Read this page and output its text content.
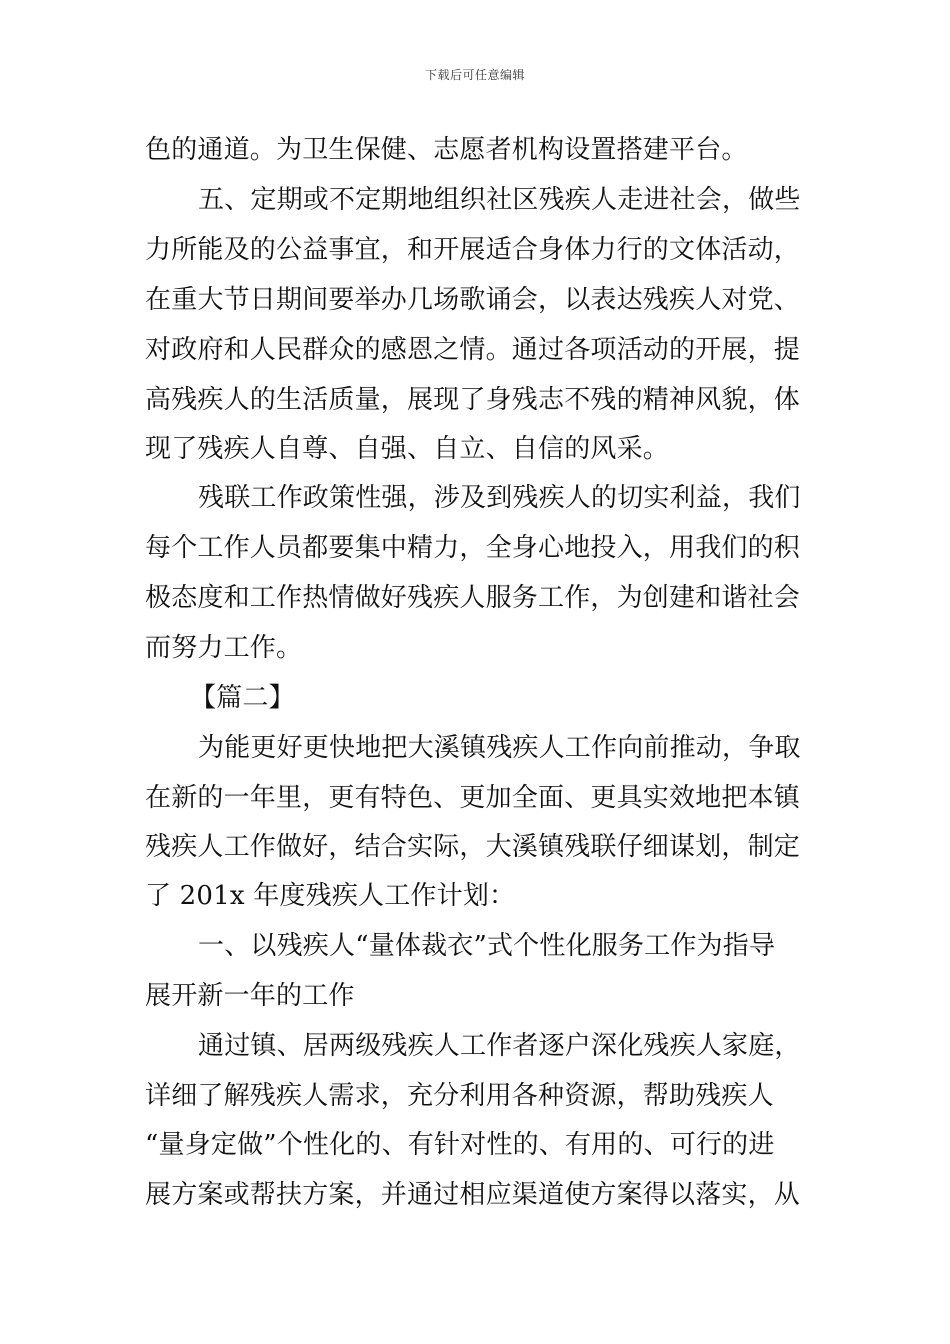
下载后可任意编辑
色的通道。为卫生保健、志愿者机构设置搭建平台。
五、定期或不定期地组织社区残疾人走进社会，做些
力所能及的公益事宜，和开展适合身体力行的文体活动，
在重大节日期间要举办几场歌诵会，以表达残疾人对党、
对政府和人民群众的感恩之情。通过各项活动的开展，提
高残疾人的生活质量，展现了身残志不残的精神风貌，体
现了残疾人自尊、自强、自立、自信的风采。
残联工作政策性强，涉及到残疾人的切实利益，我们
每个工作人员都要集中精力，全身心地投入，用我们的积
极态度和工作热情做好残疾人服务工作，为创建和谐社会
而努力工作。
【篇二】
为能更好更快地把大溪镇残疾人工作向前推动，争取
在新的一年里，更有特色、更加全面、更具实效地把本镇
残疾人工作做好，结合实际，大溪镇残联仔细谋划，制定
了 201x 年度残疾人工作计划：
一、以残疾人“量体裁衣”式个性化服务工作为指导
展开新一年的工作
通过镇、居两级残疾人工作者逐户深化残疾人家庭，
详细了解残疾人需求，充分利用各种资源，帮助残疾人
“量身定做”个性化的、有针对性的、有用的、可行的进
展方案或帮扶方案，并通过相应渠道使方案得以落实，从
